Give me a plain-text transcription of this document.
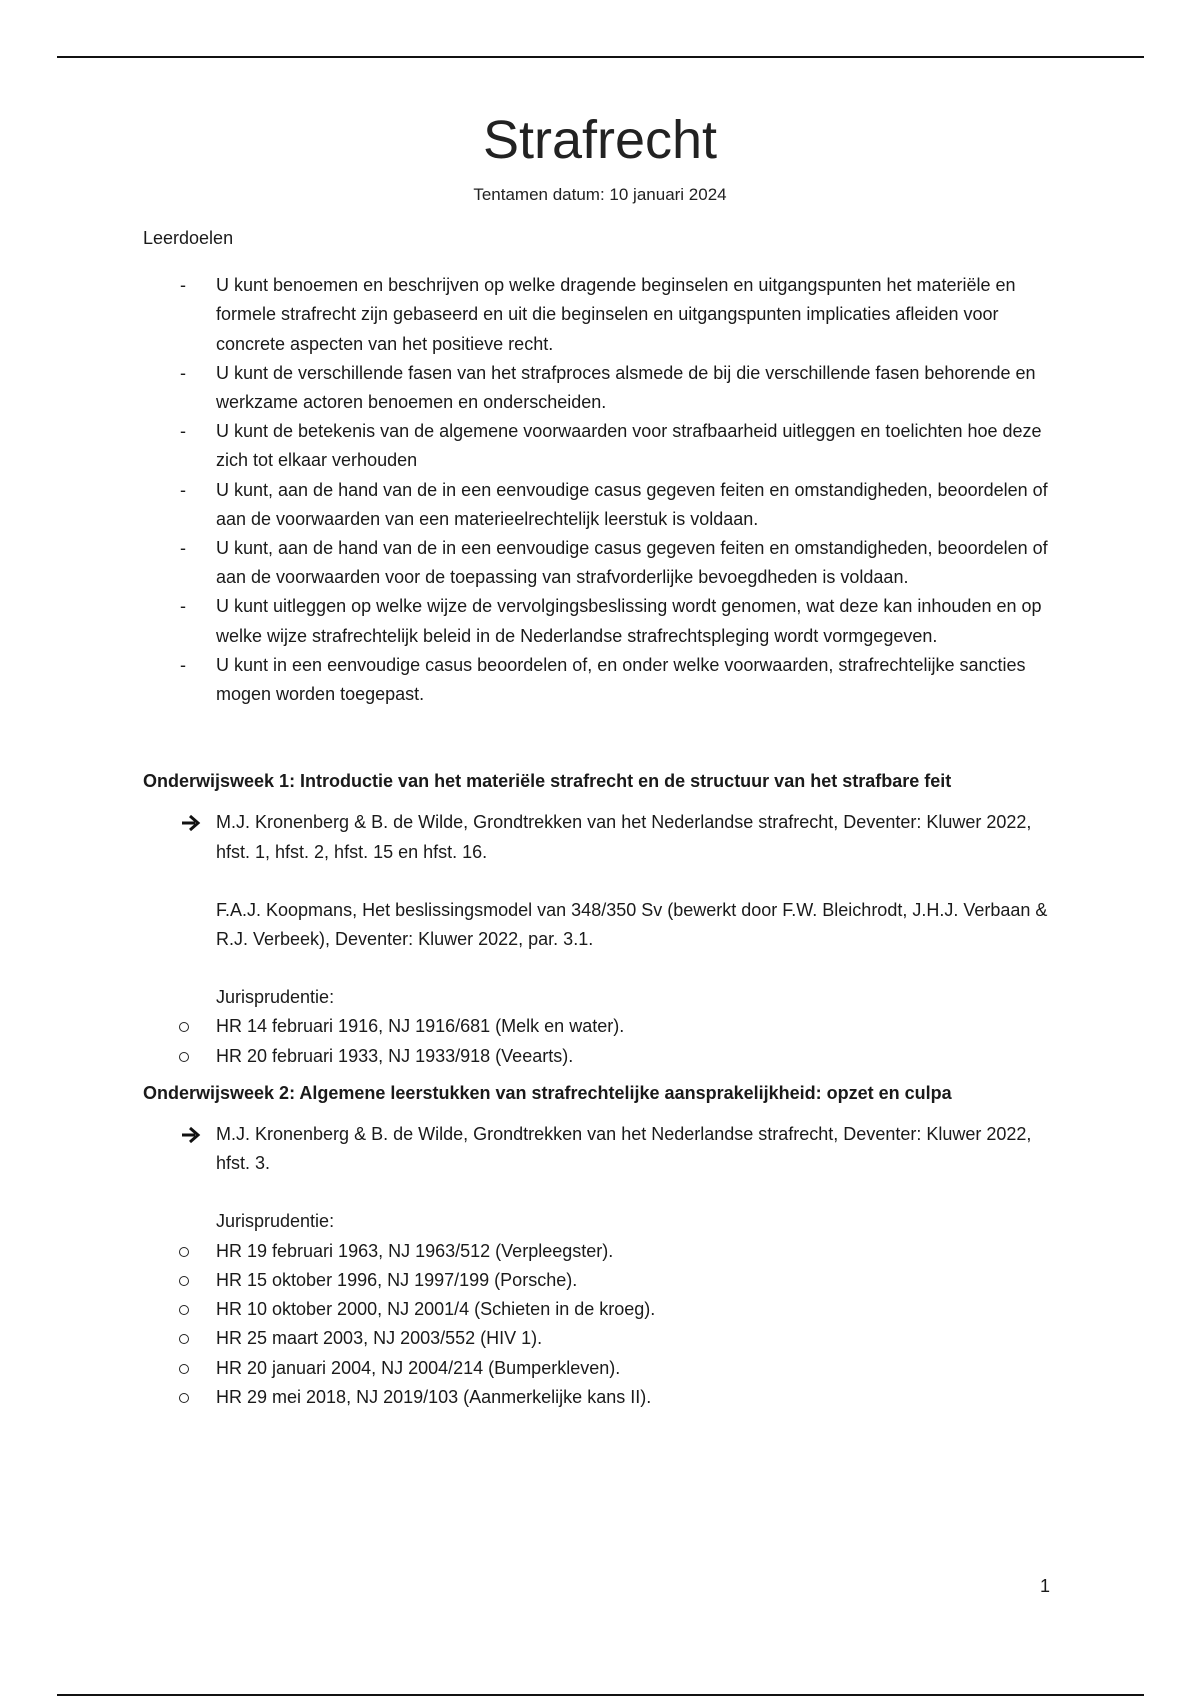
Strafrecht
Tentamen datum: 10 januari 2024

Leerdoelen

- U kunt benoemen en beschrijven op welke dragende beginselen en uitgangspunten het materiële en formele strafrecht zijn gebaseerd en uit die beginselen en uitgangspunten implicaties afleiden voor concrete aspecten van het positieve recht.
- U kunt de verschillende fasen van het strafproces alsmede de bij die verschillende fasen behorende en werkzame actoren benoemen en onderscheiden.
- U kunt de betekenis van de algemene voorwaarden voor strafbaarheid uitleggen en toelichten hoe deze zich tot elkaar verhouden
- U kunt, aan de hand van de in een eenvoudige casus gegeven feiten en omstandigheden, beoordelen of aan de voorwaarden van een materieelrechtelijk leerstuk is voldaan.
- U kunt, aan de hand van de in een eenvoudige casus gegeven feiten en omstandigheden, beoordelen of aan de voorwaarden voor de toepassing van strafvorderlijke bevoegdheden is voldaan.
- U kunt uitleggen op welke wijze de vervolgingsbeslissing wordt genomen, wat deze kan inhouden en op welke wijze strafrechtelijk beleid in de Nederlandse strafrechtspleging wordt vormgegeven.
- U kunt in een eenvoudige casus beoordelen of, en onder welke voorwaarden, strafrechtelijke sancties mogen worden toegepast.

Onderwijsweek 1: Introductie van het materiële strafrecht en de structuur van het strafbare feit

M.J. Kronenberg & B. de Wilde, Grondtrekken van het Nederlandse strafrecht, Deventer: Kluwer 2022, hfst. 1, hfst. 2, hfst. 15 en hfst. 16.

F.A.J. Koopmans, Het beslissingsmodel van 348/350 Sv (bewerkt door F.W. Bleichrodt, J.H.J. Verbaan & R.J. Verbeek), Deventer: Kluwer 2022, par. 3.1.

Jurisprudentie:

HR 14 februari 1916, NJ 1916/681 (Melk en water).
HR 20 februari 1933, NJ 1933/918 (Veearts).

Onderwijsweek 2: Algemene leerstukken van strafrechtelijke aansprakelijkheid: opzet en culpa

M.J. Kronenberg & B. de Wilde, Grondtrekken van het Nederlandse strafrecht, Deventer: Kluwer 2022, hfst. 3.

Jurisprudentie:

HR 19 februari 1963, NJ 1963/512 (Verpleegster).
HR 15 oktober 1996, NJ 1997/199 (Porsche).
HR 10 oktober 2000, NJ 2001/4 (Schieten in de kroeg).
HR 25 maart 2003, NJ 2003/552 (HIV 1).
HR 20 januari 2004, NJ 2004/214 (Bumperkleven).
HR 29 mei 2018, NJ 2019/103 (Aanmerkelijke kans II).
1
